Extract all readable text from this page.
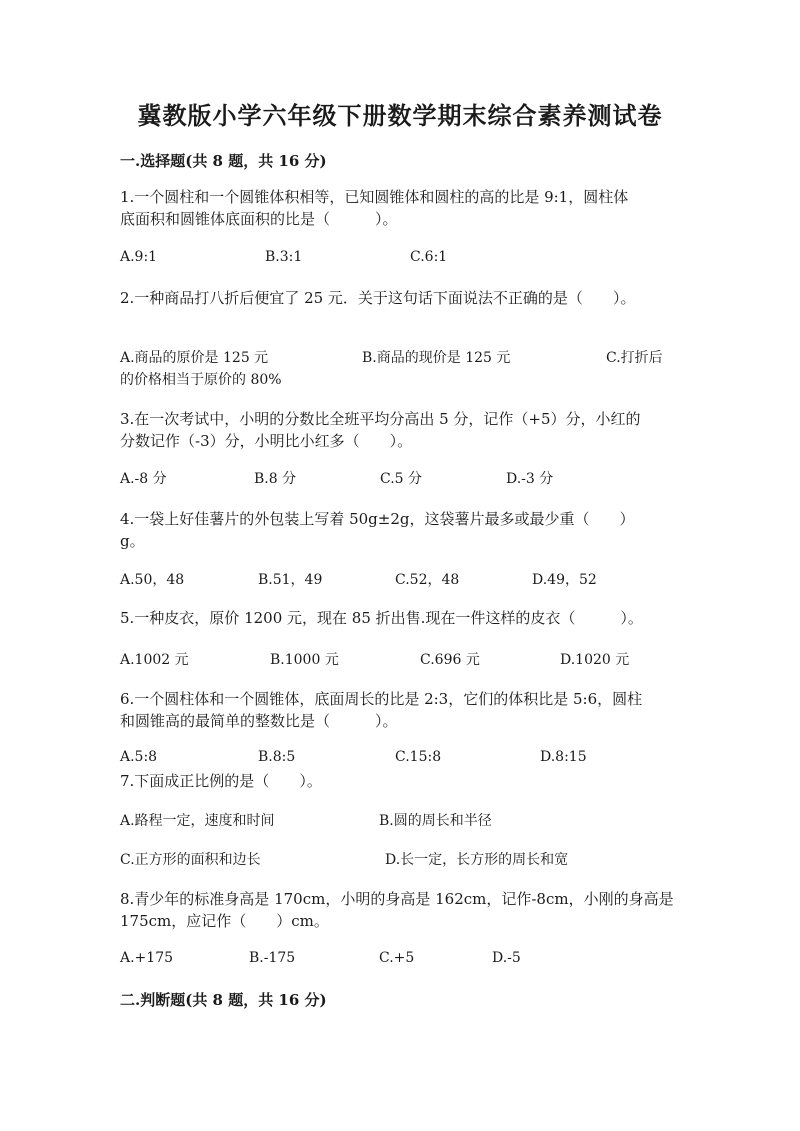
冀教版小学六年级下册数学期末综合素养测试卷
一.选择题(共 8 题，共 16 分)
1.一个圆柱和一个圆锥体积相等，已知圆锥体和圆柱的高的比是 9:1，圆柱体
底面积和圆锥体底面积的比是（　　　）。
A.9:1	B.3:1	C.6:1
2.一种商品打八折后便宜了 25 元．关于这句话下面说法不正确的是（　　）。
A.商品的原价是 125 元	B.商品的现价是 125 元	C.打折后
的价格相当于原价的 80%
3.在一次考试中，小明的分数比全班平均分高出 5 分，记作（+5）分，小红的
分数记作（-3）分，小明比小红多（　　）。
A.-8 分	B.8 分	C.5 分	D.-3 分
4.一袋上好佳薯片的外包装上写着 50g±2g，这袋薯片最多或最少重（　　）
g。
A.50，48	B.51，49	C.52，48	D.49，52
5.一种皮衣，原价 1200 元，现在 85 折出售.现在一件这样的皮衣（　　　）。
A.1002 元	B.1000 元	C.696 元	D.1020 元
6.一个圆柱体和一个圆锥体，底面周长的比是 2:3，它们的体积比是 5:6，圆柱
和圆锥高的最简单的整数比是（　　　）。
A.5:8	B.8:5	C.15:8	D.8:15
7.下面成正比例的是（　　）。
A.路程一定，速度和时间	B.圆的周长和半径
C.正方形的面积和边长	D.长一定，长方形的周长和宽
8.青少年的标准身高是 170cm，小明的身高是 162cm，记作-8cm，小刚的身高是
175cm，应记作（　　）cm。
A.+175	B.-175	C.+5	D.-5
二.判断题(共 8 题，共 16 分)
